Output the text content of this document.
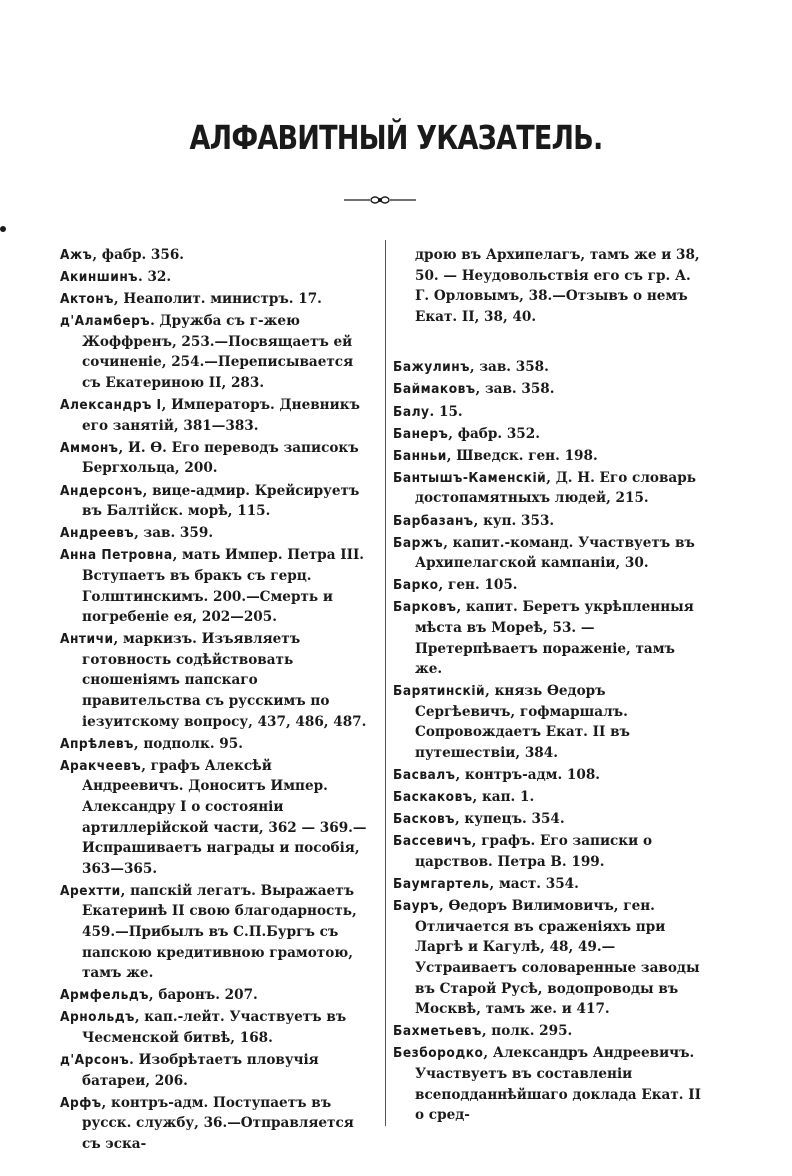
АЛФАВИТНЫЙ УКАЗАТЕЛЬ.
Ажъ, фабр. 356.
Акиншинъ. 32.
Актонъ, Неаполит. министръ. 17.
д'Аламберъ. Дружба съ г-жею Жоффренъ, 253.—Посвящаетъ ей сочиненіе, 254.—Переписывается съ Екатериною II, 283.
Александръ I, Императоръ. Дневникъ его занятій, 381—383.
Аммонъ, И. Ѳ. Его переводъ записокъ Бергхольца, 200.
Андерсонъ, вице-адмир. Крейсируетъ въ Балтійск. морѣ, 115.
Андреевъ, зав. 359.
Анна Петровна, мать Импер. Петра III. Вступаетъ въ бракъ съ герц. Голштинскимъ. 200.—Смерть и погребеніе ея, 202—205.
Античи, маркизъ. Изъявляетъ готовность содѣйствовать сношеніямъ папскаго правительства съ русскимъ по іезуитскому вопросу, 437, 486, 487.
Апрѣлевъ, подполк. 95.
Аракчеевъ, графъ Алексѣй Андреевичъ. Доноситъ Импер. Александру I о состояніи артиллерійской части, 362 — 369.—Испрашиваетъ награды и пособія, 363—365.
Арехтти, папскій легатъ. Выражаетъ Екатеринѣ II свою благодарность, 459.—Прибылъ въ С.П.Бургъ съ папскою кредитивною грамотою, тамъ же.
Армфельдъ, баронъ. 207.
Арнольдъ, кап.-лейт. Участвуетъ въ Чесменской битвѣ, 168.
д'Арсонъ. Изобрѣтаетъ пловучія батареи, 206.
Арфъ, контръ-адм. Поступаетъ въ русск. службу, 36.—Отправляется съ эска-
дрою въ Архипелагъ, тамъ же и 38, 50. — Неудовольствія его съ гр. А. Г. Орловымъ, 38.—Отзывъ о немъ Екат. II, 38, 40.
Бажулинъ, зав. 358.
Баймаковъ, зав. 358.
Балу. 15.
Банеръ, фабр. 352.
Банньи, Шведск. ген. 198.
Бантышъ-Каменскій, Д. Н. Его словарь достопамятныхъ людей, 215.
Барбазанъ, куп. 353.
Баржъ, капит.-команд. Участвуетъ въ Архипелагской кампаніи, 30.
Барко, ген. 105.
Барковъ, капит. Беретъ укрѣпленныя мѣста въ Мореѣ, 53. — Претерпѣваетъ пораженіе, тамъ же.
Барятинскій, князь Ѳедоръ Сергѣевичъ, гофмаршалъ. Сопровождаетъ Екат. II въ путешествіи, 384.
Басвалъ, контръ-адм. 108.
Баскаковъ, кап. 1.
Басковъ, купецъ. 354.
Бассевичъ, графъ. Его записки о царствов. Петра В. 199.
Баумгартель, маст. 354.
Бауръ, Ѳедоръ Вилимовичъ, ген. Отличается въ сраженіяхъ при Ларгѣ и Кагулѣ, 48, 49.—Устраиваетъ соловаренные заводы въ Старой Русѣ, водопроводы въ Москвѣ, тамъ же. и 417.
Бахметьевъ, полк. 295.
Безбородко, Александръ Андреевичъ. Участвуетъ въ составленіи всеподданнѣйшаго доклада Екат. II о сред-
